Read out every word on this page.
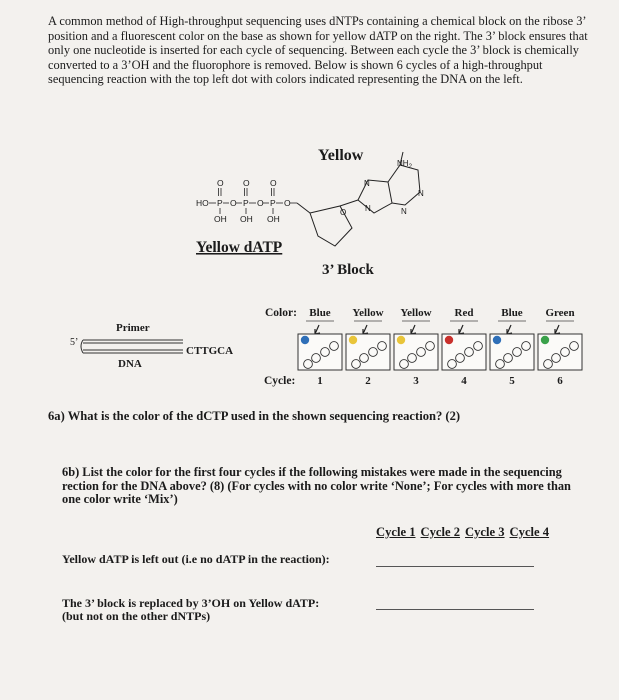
A common method of High-throughput sequencing uses dNTPs containing a chemical block on the ribose 3’ position and a fluorescent color on the base as shown for yellow dATP on the right. The 3’ block ensures that only one nucleotide is inserted for each cycle of sequencing. Between each cycle the 3’ block is chemically converted to a 3’OH and the fluorophore is removed. Below is shown 6 cycles of a high-throughput sequencing reaction with the top left dot with colors indicated representing the DNA on the left.
Yellow
HO P O P O P O
O O O
OH OH OH
O
$NH_2$
N
N
N	N
Yellow dATP
3’ Block
Color:
Cycle:
Primer
5’
CTTGCA
DNA
Blue
1
Yellow
2
Yellow
3
Red
4
Blue
5
Green
6
6a) What is the color of the dCTP used in the shown sequencing reaction? (2)
6b) List the color for the first four cycles if the following mistakes were made in the sequencing rection for the DNA above? (8) (For cycles with no color write ‘None’; For cycles with more than one color write ‘Mix’)
Cycle 1 Cycle 2 Cycle 3 Cycle 4
Yellow dATP is left out (i.e no dATP in the reaction):
The 3’ block is replaced by 3’OH on Yellow dATP:
(but not on the other dNTPs)
